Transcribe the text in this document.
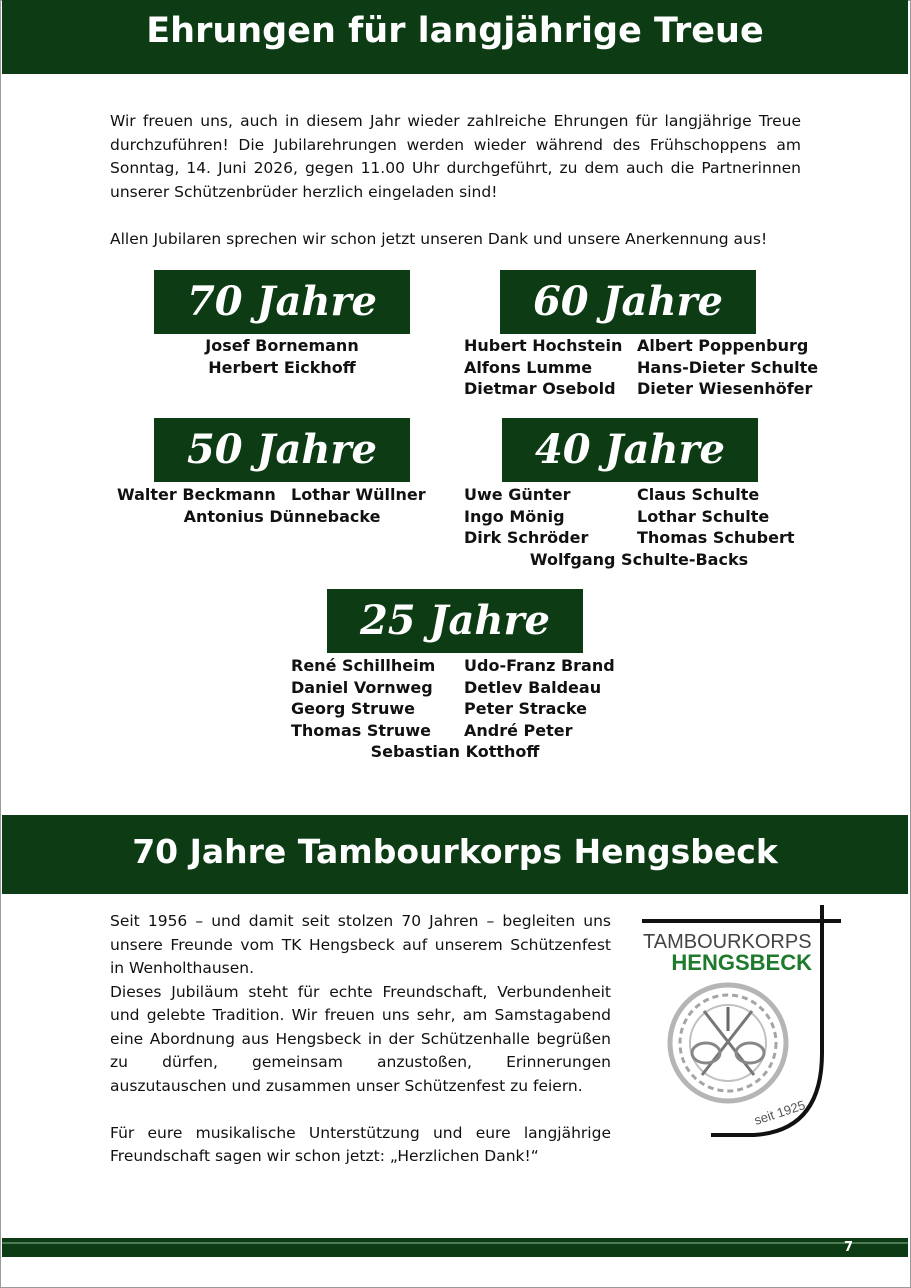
Ehrungen für langjährige Treue

Wir freuen uns, auch in diesem Jahr wieder zahlreiche Ehrungen für langjährige Treue durchzuführen! Die Jubilarehrungen werden wieder während des Frühschoppens am Sonntag, 14. Juni 2026, gegen 11.00 Uhr durchgeführt, zu dem auch die Partnerinnen unserer Schützenbrüder herzlich eingeladen sind!

Allen Jubilaren sprechen wir schon jetzt unseren Dank und unsere Anerkennung aus!

70 Jahre
Josef Bornemann
Herbert Eickhoff
60 Jahre
Hubert Hochstein
Alfons Lumme
Dietmar Osebold
Albert Poppenburg
Hans-Dieter Schulte
Dieter Wiesenhöfer
50 Jahre
Walter Beckmann Lothar Wüllner
Antonius Dünnebacke
40 Jahre
Uwe Günter
Ingo Mönig
Dirk Schröder
Claus Schulte
Lothar Schulte
Thomas Schubert
Wolfgang Schulte-Backs
25 Jahre
René Schillheim
Daniel Vornweg
Georg Struwe
Thomas Struwe
Udo-Franz Brand
Detlev Baldeau
Peter Stracke
André Peter
Sebastian Kotthoff
70 Jahre Tambourkorps Hengsbeck

Seit 1956 – und damit seit stolzen 70 Jahren – begleiten uns unsere Freunde vom TK Hengsbeck auf unserem Schützenfest in Wenholthausen.

Dieses Jubiläum steht für echte Freundschaft, Verbundenheit und gelebte Tradition. Wir freuen uns sehr, am Samstagabend eine Abordnung aus Hengsbeck in der Schützenhalle begrüßen zu dürfen, gemeinsam anzustoßen, Erinnerungen auszutauschen und zusammen unser Schützenfest zu feiern.

Für eure musikalische Unterstützung und eure langjährige Freundschaft sagen wir schon jetzt: „Herzlichen Dank!“

TAMBOURKORPS
HENGSBECK
seit 1925
7
